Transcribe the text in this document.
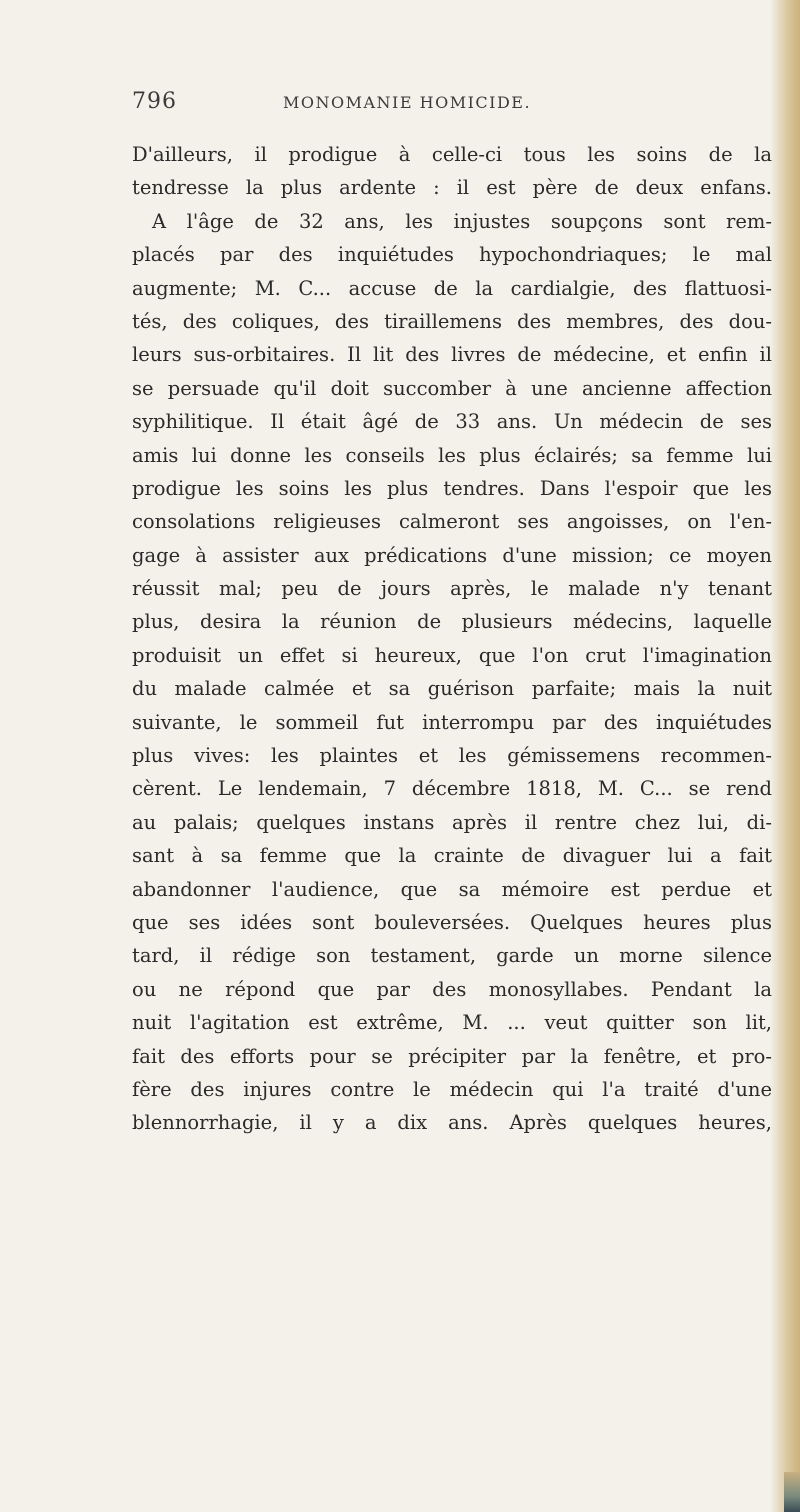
796	MONOMANIE HOMICIDE.
D'ailleurs, il prodigue à celle-ci tous les soins de la
tendresse la plus ardente : il est père de deux enfans.
A l'âge de 32 ans, les injustes soupçons sont rem-
placés par des inquiétudes hypochondriaques; le mal
augmente; M. C... accuse de la cardialgie, des flattuosi-
tés, des coliques, des tiraillemens des membres, des dou-
leurs sus-orbitaires. Il lit des livres de médecine, et enfin il
se persuade qu'il doit succomber à une ancienne affection
syphilitique. Il était âgé de 33 ans. Un médecin de ses
amis lui donne les conseils les plus éclairés; sa femme lui
prodigue les soins les plus tendres. Dans l'espoir que les
consolations religieuses calmeront ses angoisses, on l'en-
gage à assister aux prédications d'une mission; ce moyen
réussit mal; peu de jours après, le malade n'y tenant
plus, desira la réunion de plusieurs médecins, laquelle
produisit un effet si heureux, que l'on crut l'imagination
du malade calmée et sa guérison parfaite; mais la nuit
suivante, le sommeil fut interrompu par des inquiétudes
plus vives: les plaintes et les gémissemens recommen-
cèrent. Le lendemain, 7 décembre 1818, M. C... se rend
au palais; quelques instans après il rentre chez lui, di-
sant à sa femme que la crainte de divaguer lui a fait
abandonner l'audience, que sa mémoire est perdue et
que ses idées sont bouleversées. Quelques heures plus
tard, il rédige son testament, garde un morne silence
ou ne répond que par des monosyllabes. Pendant la
nuit l'agitation est extrême, M. ... veut quitter son lit,
fait des efforts pour se précipiter par la fenêtre, et pro-
fère des injures contre le médecin qui l'a traité d'une
blennorrhagie, il y a dix ans. Après quelques heures,
